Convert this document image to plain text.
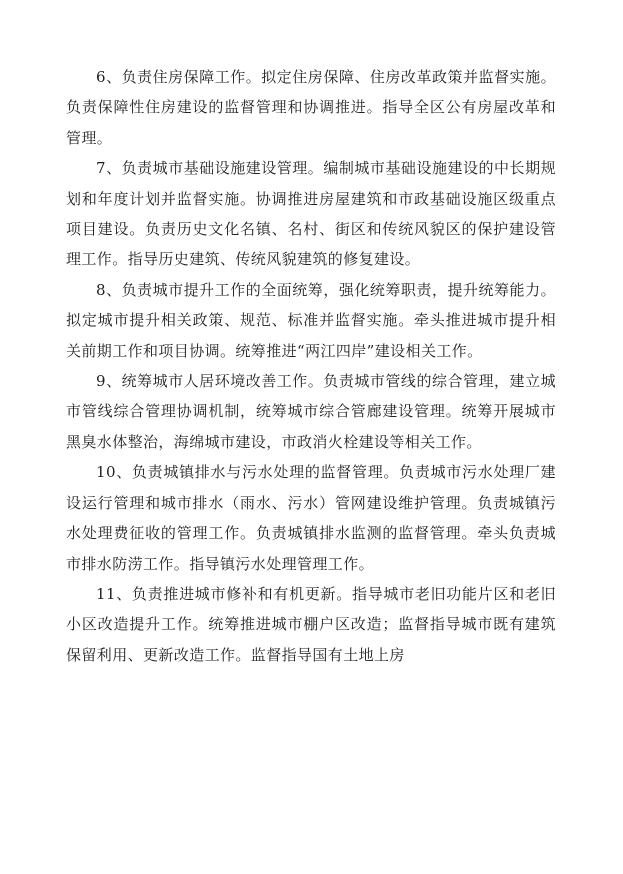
6、负责住房保障工作。拟定住房保障、住房改革政策并监督实施。负责保障性住房建设的监督管理和协调推进。指导全区公有房屋改革和管理。

7、负责城市基础设施建设管理。编制城市基础设施建设的中长期规划和年度计划并监督实施。协调推进房屋建筑和市政基础设施区级重点项目建设。负责历史文化名镇、名村、街区和传统风貌区的保护建设管理工作。指导历史建筑、传统风貌建筑的修复建设。

8、负责城市提升工作的全面统筹，强化统筹职责，提升统筹能力。拟定城市提升相关政策、规范、标准并监督实施。牵头推进城市提升相关前期工作和项目协调。统筹推进“两江四岸”建设相关工作。

9、统筹城市人居环境改善工作。负责城市管线的综合管理，建立城市管线综合管理协调机制，统筹城市综合管廊建设管理。统筹开展城市黑臭水体整治，海绵城市建设，市政消火栓建设等相关工作。

10、负责城镇排水与污水处理的监督管理。负责城市污水处理厂建设运行管理和城市排水（雨水、污水）管网建设维护管理。负责城镇污水处理费征收的管理工作。负责城镇排水监测的监督管理。牵头负责城市排水防涝工作。指导镇污水处理管理工作。

11、负责推进城市修补和有机更新。指导城市老旧功能片区和老旧小区改造提升工作。统筹推进城市棚户区改造；监督指导城市既有建筑保留利用、更新改造工作。监督指导国有土地上房
